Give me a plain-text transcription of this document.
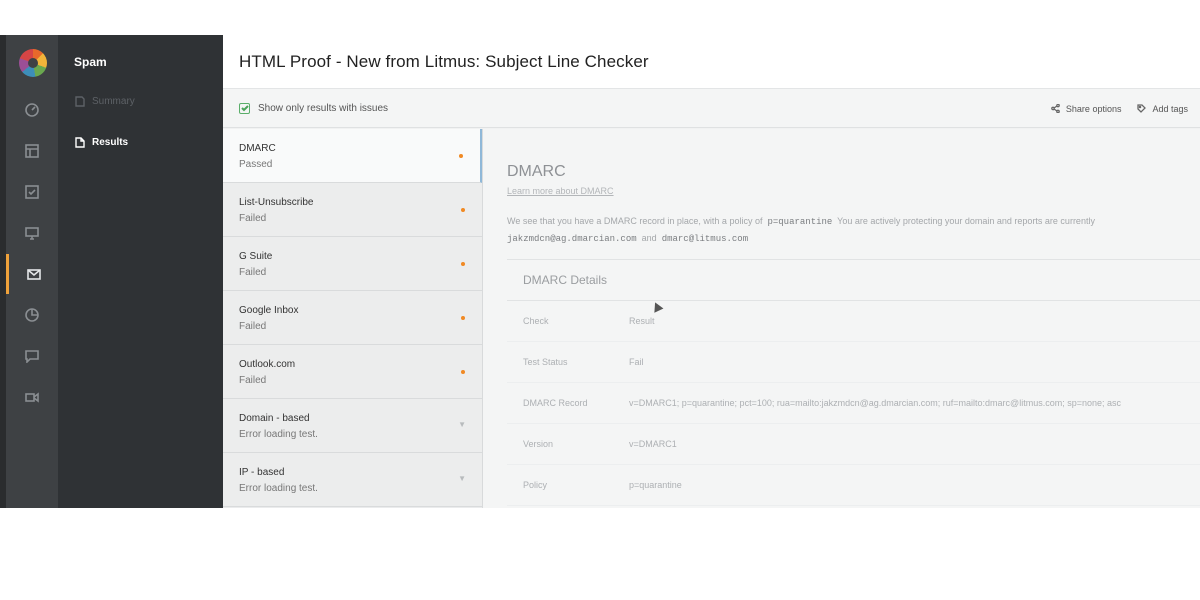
Spam
Summary
Results
HTML Proof - New from Litmus: Subject Line Checker
Show only results with issues	Share options	Add tags
DMARC
Passed
List-Unsubscribe
Failed
G Suite
Failed
Google Inbox
Failed
Outlook.com
Failed
Domain - based
Error loading test.
▼
IP - based
Error loading test.
▼
DMARC
Learn more about DMARC
We see that you have a DMARC record in place, with a policy of p=quarantine You are actively protecting your domain and reports are currently
jakzmdcn@ag.dmarcian.com and dmarc@litmus.com
DMARC Details
Check	Result
Test Status	Fail
DMARC Record	v=DMARC1; p=quarantine; pct=100; rua=mailto:jakzmdcn@ag.dmarcian.com; ruf=mailto:dmarc@litmus.com; sp=none; asc
Version	v=DMARC1
Policy	p=quarantine
